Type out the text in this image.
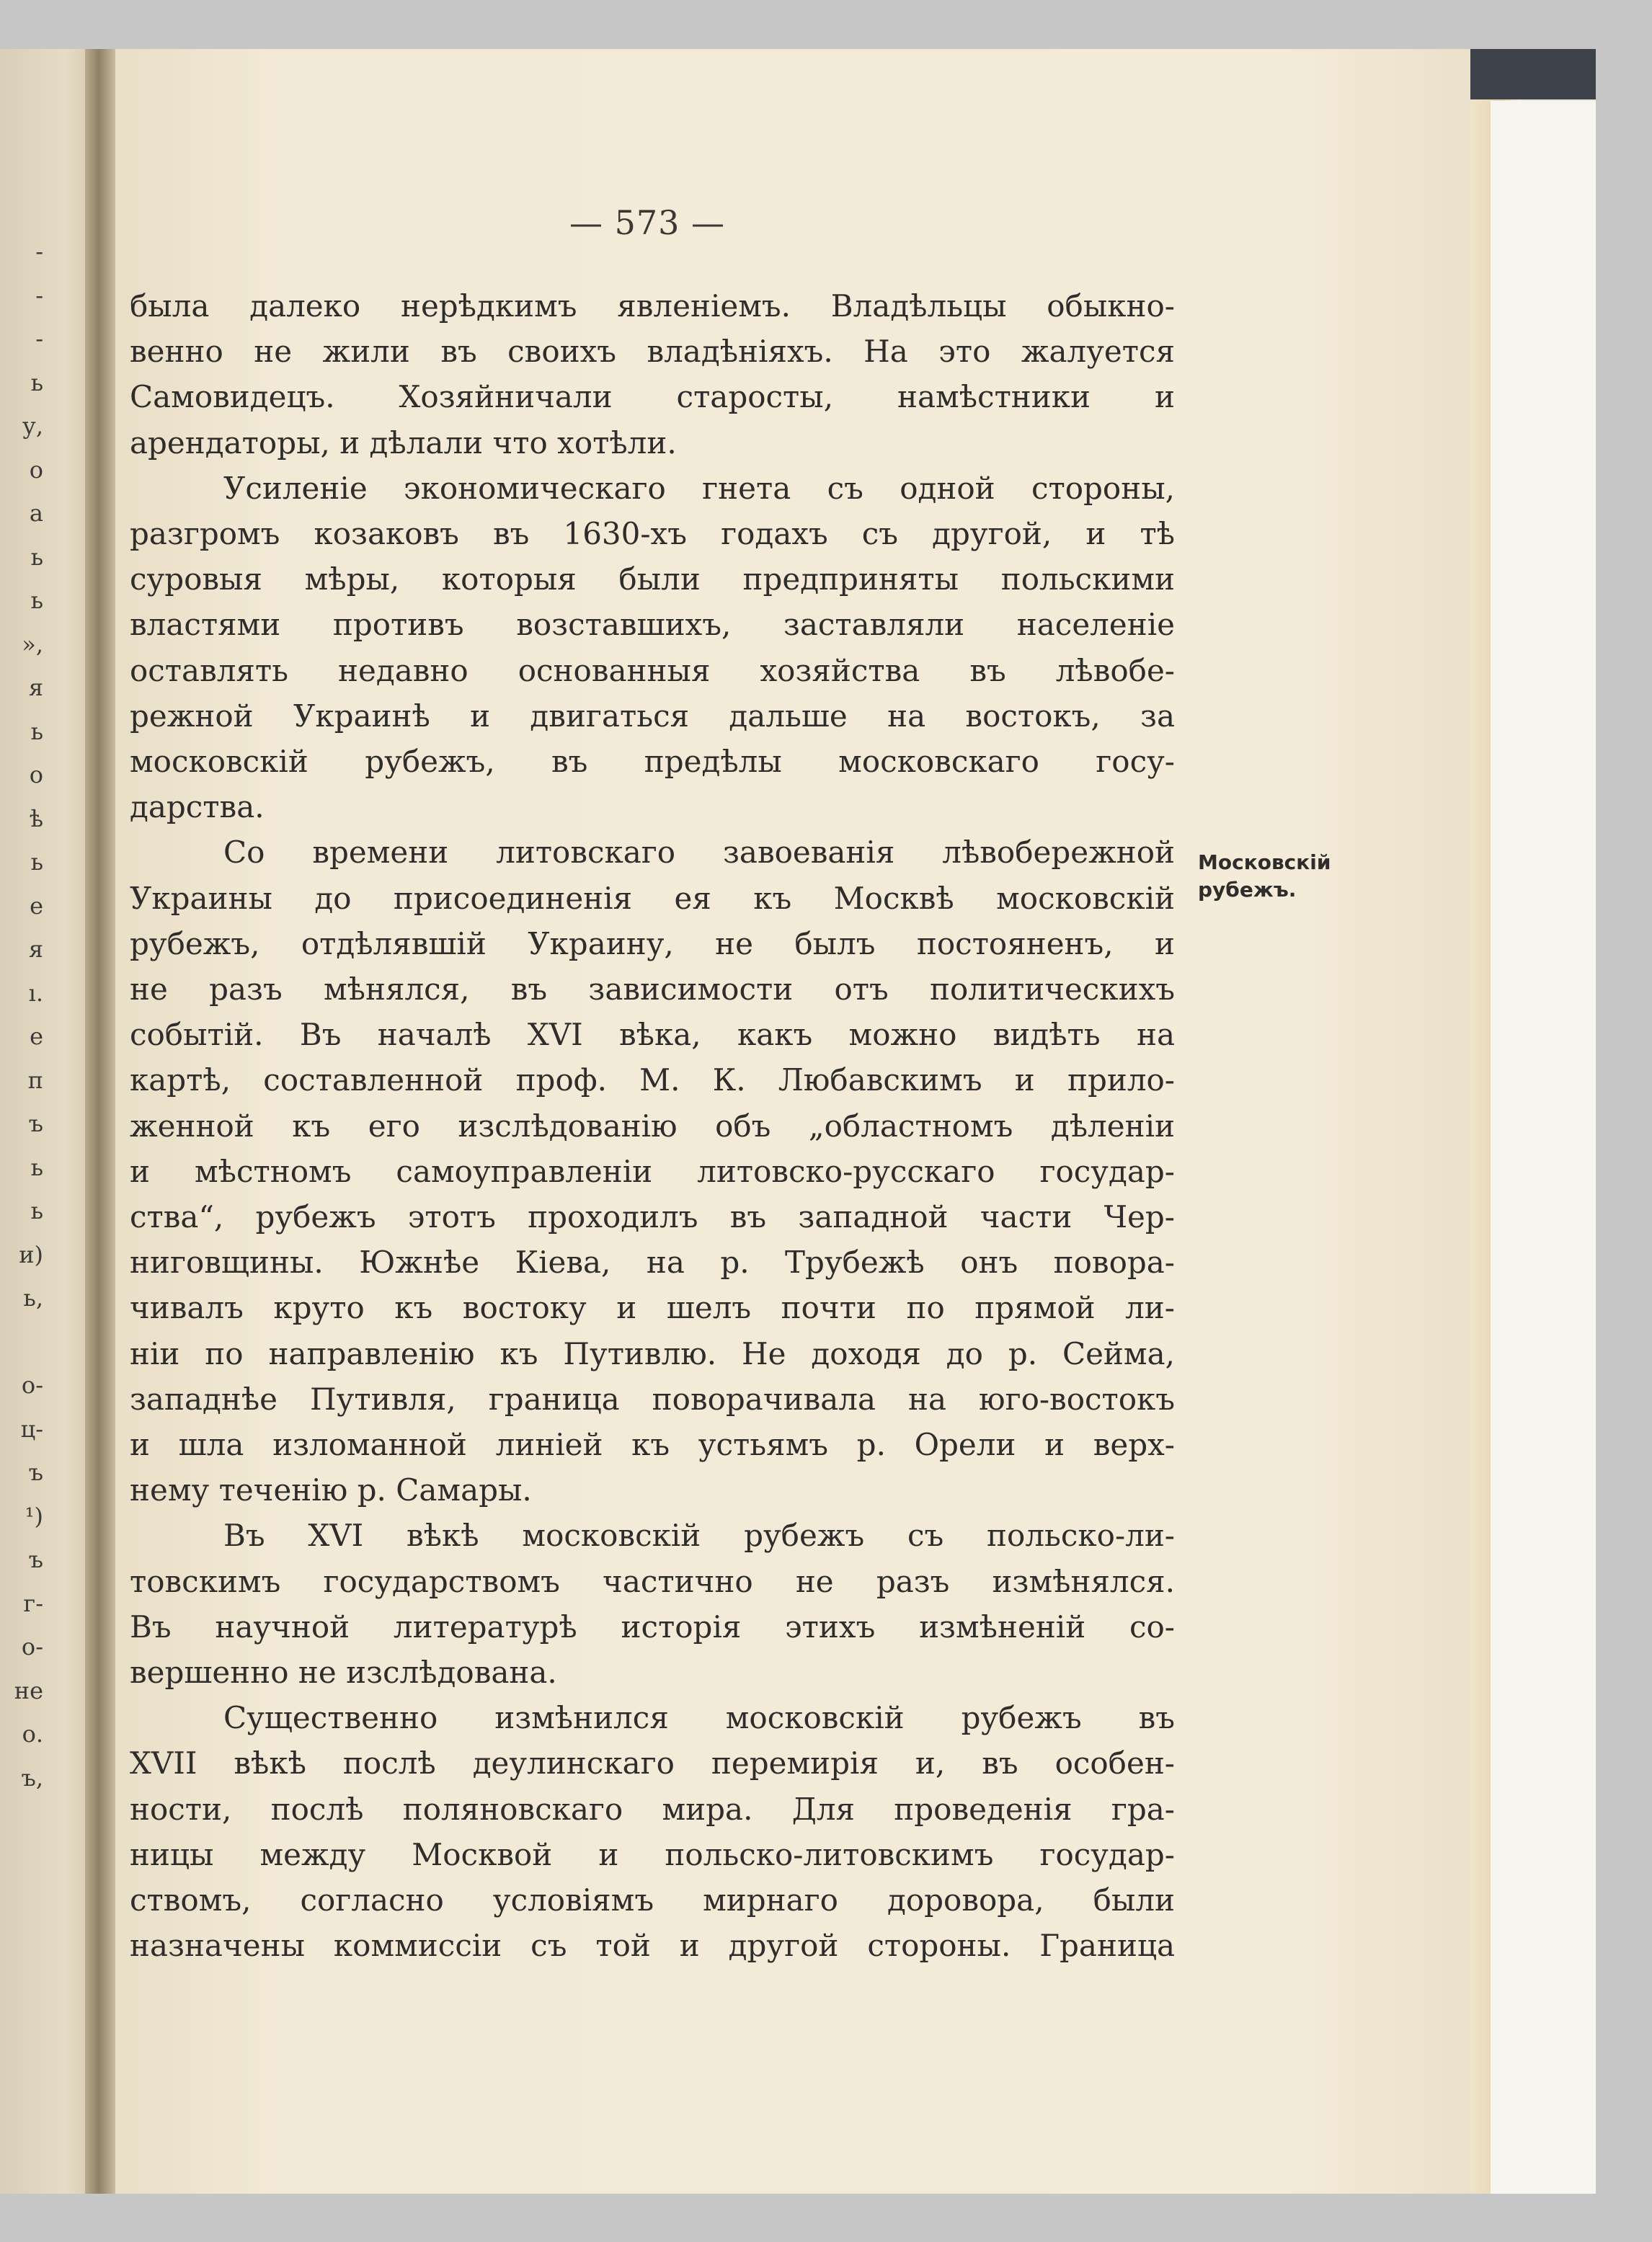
-
-
-
ь
у,
о
а
ь
ь
»,
я
ь
о
ѣ
ь
е
я
ı.
е
п
ъ
ь
ь
и)
ь,
о-
ц-
ъ
¹)
ъ
г-
о-
не
о.
ъ,
— 573 —
была далеко нерѣдкимъ явленіемъ. Владѣльцы обыкно-
венно не жили въ своихъ владѣніяхъ. На это жалуется
Самовидецъ. Хозяйничали старосты, намѣстники и
арендаторы, и дѣлали что хотѣли.
Усиленіе экономическаго гнета съ одной стороны,
разгромъ козаковъ въ 1630-хъ годахъ съ другой, и тѣ
суровыя мѣры, которыя были предприняты польскими
властями противъ возставшихъ, заставляли населеніе
оставлять недавно основанныя хозяйства въ лѣвобе-
режной Украинѣ и двигаться дальше на востокъ, за
московскій рубежъ, въ предѣлы московскаго госу-
дарства.
Со времени литовскаго завоеванія лѣвобережной
Украины до присоединенія ея къ Москвѣ московскій
рубежъ, отдѣлявшій Украину, не былъ постояненъ, и
не разъ мѣнялся, въ зависимости отъ политическихъ
событій. Въ началѣ XVI вѣка, какъ можно видѣть на
картѣ, составленной проф. М. К. Любавскимъ и прило-
женной къ его изслѣдованію объ „областномъ дѣленіи
и мѣстномъ самоуправленіи литовско-русскаго государ-
ства“, рубежъ этотъ проходилъ въ западной части Чер-
ниговщины. Южнѣе Кіева, на р. Трубежѣ онъ повора-
чивалъ круто къ востоку и шелъ почти по прямой ли-
ніи по направленію къ Путивлю. Не доходя до р. Сейма,
западнѣе Путивля, граница поворачивала на юго-востокъ
и шла изломанной линіей къ устьямъ р. Орели и верх-
нему теченію р. Самары.
Въ XVI вѣкѣ московскій рубежъ съ польско-ли-
товскимъ государствомъ частично не разъ измѣнялся.
Въ научной литературѣ исторія этихъ измѣненій со-
вершенно не изслѣдована.
Существенно измѣнился московскій рубежъ въ
XVII вѣкѣ послѣ деулинскаго перемирія и, въ особен-
ности, послѣ поляновскаго мира. Для проведенія гра-
ницы между Москвой и польско-литовскимъ государ-
ствомъ, согласно условіямъ мирнаго доровора, были
назначены коммиссіи съ той и другой стороны. Граница
Московскій
рубежъ.
